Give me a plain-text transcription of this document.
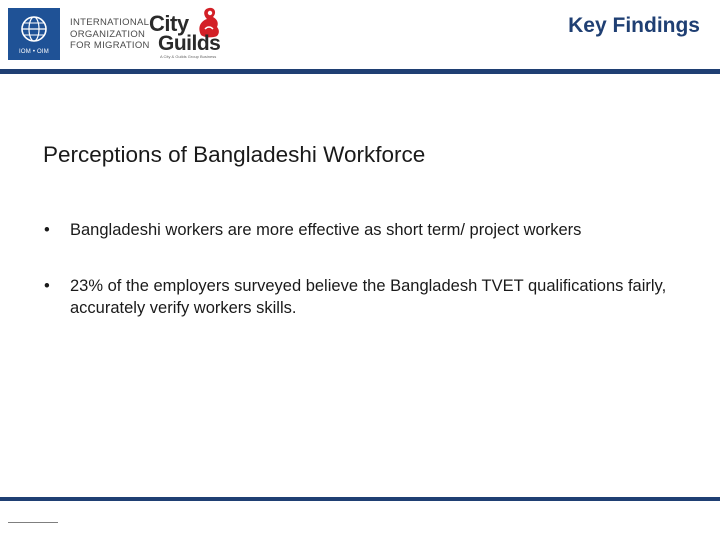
IOM • OIM
INTERNATIONAL
ORGANIZATION
FOR MIGRATION
City
Guilds
A City & Guilds Group Business
Key Findings
Perceptions of Bangladeshi Workforce
• Bangladeshi workers are more effective as short term/ project workers
• 23% of the employers surveyed believe the Bangladesh TVET qualifications fairly, accurately verify workers skills.
